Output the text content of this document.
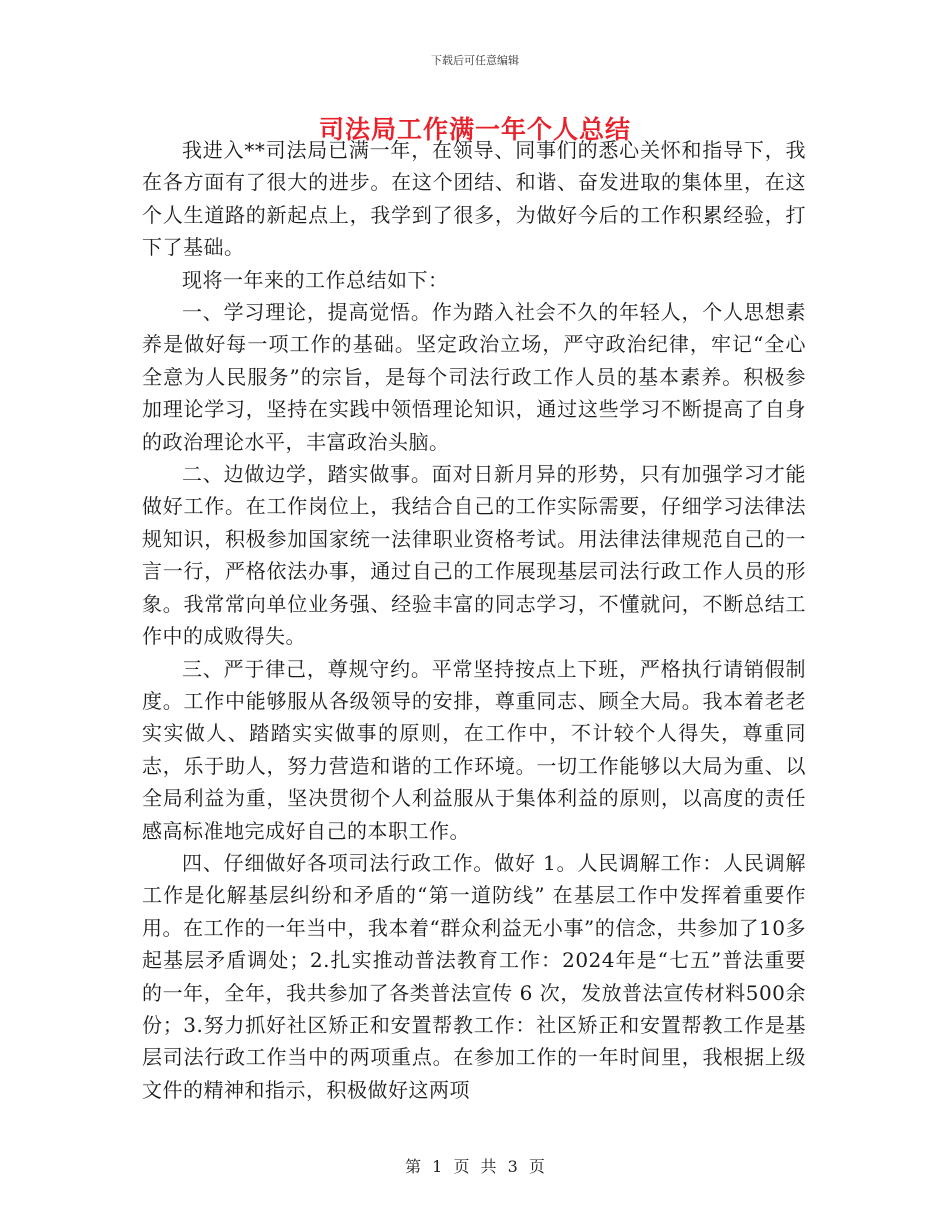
下载后可任意编辑
司法局工作满一年个人总结

我进入**司法局已满一年，在领导、同事们的悉心关怀和指导下，我在各方面有了很大的进步。在这个团结、和谐、奋发进取的集体里，在这个人生道路的新起点上，我学到了很多，为做好今后的工作积累经验，打下了基础。

现将一年来的工作总结如下：

一、学习理论，提高觉悟。作为踏入社会不久的年轻人，个人思想素养是做好每一项工作的基础。坚定政治立场，严守政治纪律，牢记“全心全意为人民服务”的宗旨，是每个司法行政工作人员的基本素养。积极参加理论学习，坚持在实践中领悟理论知识，通过这些学习不断提高了自身的政治理论水平，丰富政治头脑。

二、边做边学，踏实做事。面对日新月异的形势，只有加强学习才能做好工作。在工作岗位上，我结合自己的工作实际需要，仔细学习法律法规知识，积极参加国家统一法律职业资格考试。用法律法律规范自己的一言一行，严格依法办事，通过自己的工作展现基层司法行政工作人员的形象。我常常向单位业务强、经验丰富的同志学习，不懂就问，不断总结工作中的成败得失。

三、严于律己，尊规守约。平常坚持按点上下班，严格执行请销假制度。工作中能够服从各级领导的安排，尊重同志、顾全大局。我本着老老实实做人、踏踏实实做事的原则，在工作中，不计较个人得失，尊重同志，乐于助人，努力营造和谐的工作环境。一切工作能够以大局为重、以全局利益为重，坚决贯彻个人利益服从于集体利益的原则，以高度的责任 感高标准地完成好自己的本职工作。

四、仔细做好各项司法行政工作。做好 1。人民调解工作：人民调解工作是化解基层纠纷和矛盾的“第一道防线” 在基层工作中发挥着重要作用。在工作的一年当中，我本着“群众利益无小事”的信念，共参加了10多起基层矛盾调处；2.扎实推动普法教育工作：2024年是“七五”普法重要的一年，全年，我共参加了各类普法宣传 6 次，发放普法宣传材料500余份；3.努力抓好社区矫正和安置帮教工作：社区矫正和安置帮教工作是基层司法行政工作当中的两项重点。在参加工作的一年时间里，我根据上级文件的精神和指示，积极做好这两项

第 1 页 共 3 页
